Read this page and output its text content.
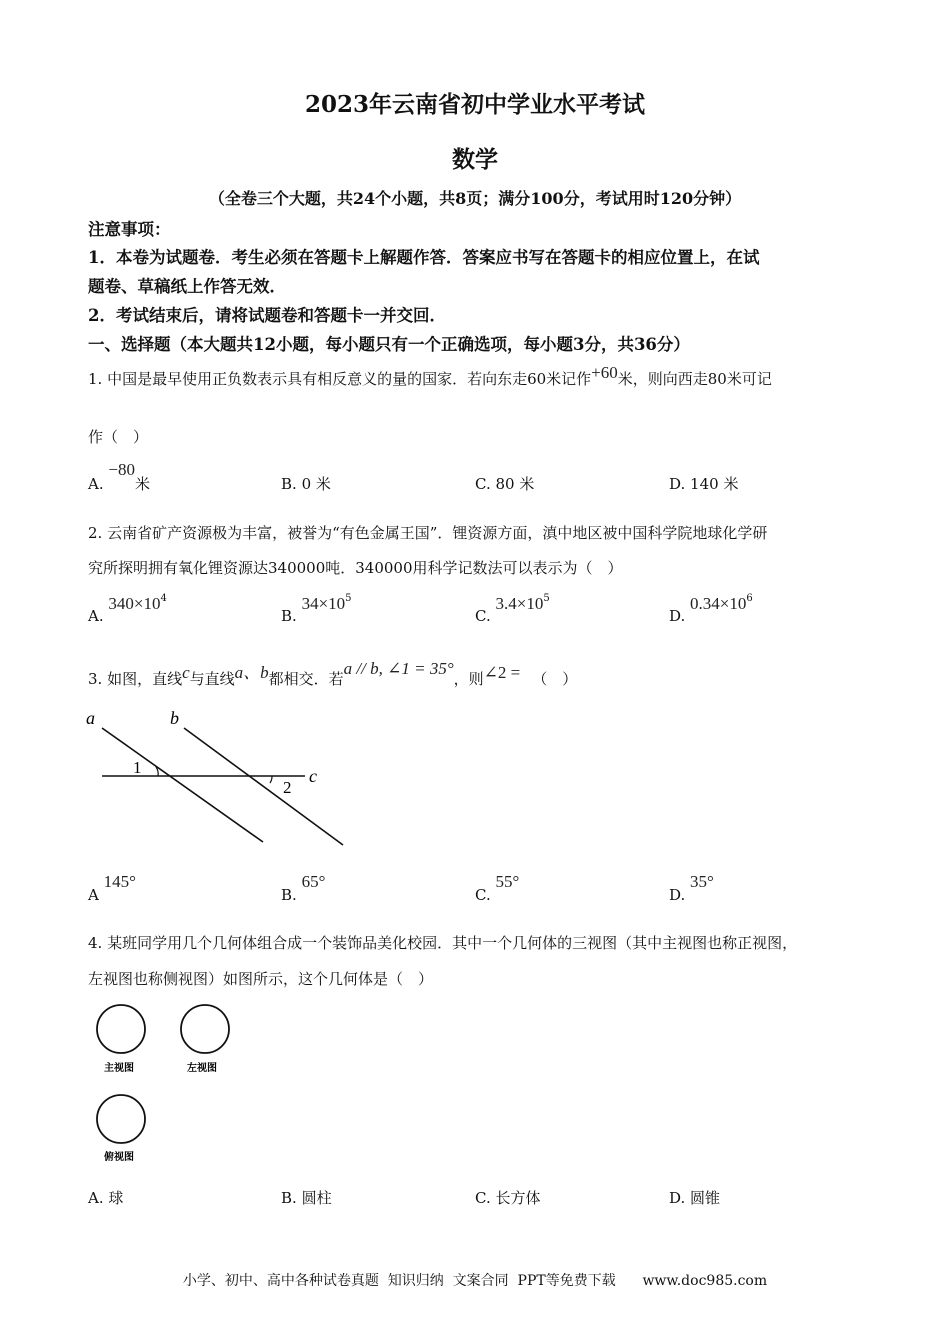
2023年云南省初中学业水平考试
数学
（全卷三个大题，共24个小题，共8页；满分100分，考试用时120分钟）
注意事项：
1．本卷为试题卷．考生必须在答题卡上解题作答．答案应书写在答题卡的相应位置上，在试
题卷、草稿纸上作答无效．
2．考试结束后，请将试题卷和答题卡一并交回．
一、选择题（本大题共12小题，每小题只有一个正确选项，每小题3分，共36分）
1. 中国是最早使用正负数表示具有相反意义的量的国家．若向东走60米记作+60米，则向西走80米可记
作（　）
A. −80米	B. 0 米	C. 80 米	D. 140 米
2. 云南省矿产资源极为丰富，被誉为“有色金属王国”．锂资源方面，滇中地区被中国科学院地球化学研
究所探明拥有氧化锂资源达340000吨．340000用科学记数法可以表示为（　）
A. $340\times 10^4$
B. $34\times 10^5$
C. $3.4\times 10^5$
D. $0.34\times 10^6$
3. 如图，直线c与直线a、b都相交．若a // b, ∠1 = 35°，则∠2 = （　）
a	b
c
1
2
A 145°
B. 65°
C. 55°
D. 35°
4. 某班同学用几个几何体组合成一个装饰品美化校园．其中一个几何体的三视图（其中主视图也称正视图，
左视图也称侧视图）如图所示，这个几何体是（　）
主视图	左视图
俯视图
A. 球	B. 圆柱	C. 长方体	D. 圆锥
小学、初中、高中各种试卷真题  知识归纳  文案合同  PPT等免费下载      www.doc985.com
